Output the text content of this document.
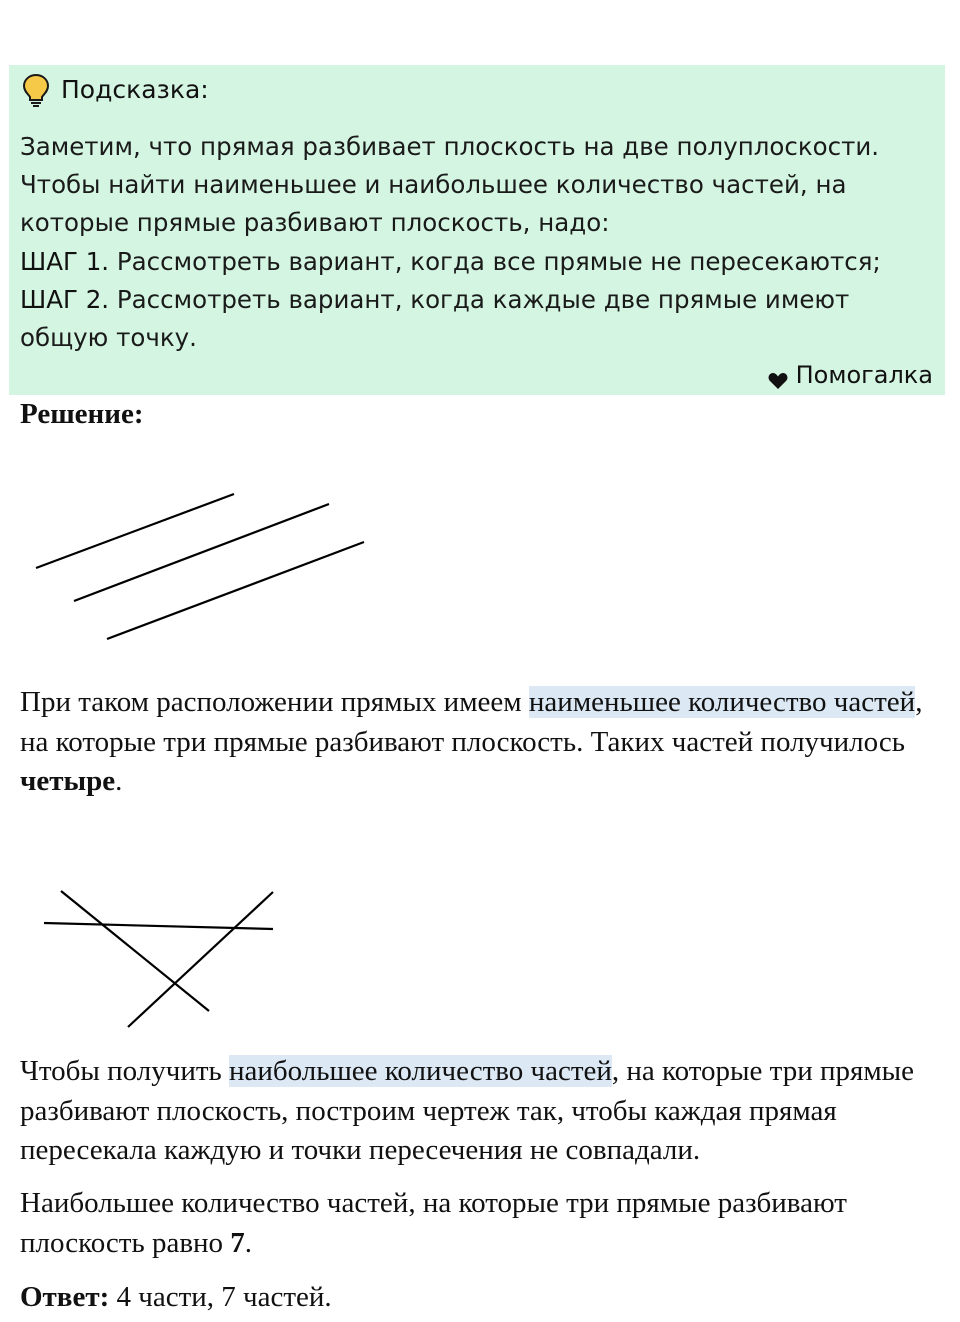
Подсказка:

Заметим, что прямая разбивает плоскость на две полуплоскости. Чтобы найти наименьшее и наибольшее количество частей, на которые прямые разбивают плоскость, надо:

ШАГ 1. Рассмотреть вариант, когда все прямые не пересекаются;

ШАГ 2. Рассмотреть вариант, когда каждые две прямые имеют общую точку.

Помогалка

Решение:

При таком расположении прямых имеем наименьшее количество частей, на которые три прямые разбивают плоскость. Таких частей получилось четыре.

Чтобы получить наибольшее количество частей, на которые три прямые разбивают плоскость, построим чертеж так, чтобы каждая прямая пересекала каждую и точки пересечения не совпадали.

Наибольшее количество частей, на которые три прямые разбивают плоскость равно 7.

Ответ: 4 части, 7 частей.
